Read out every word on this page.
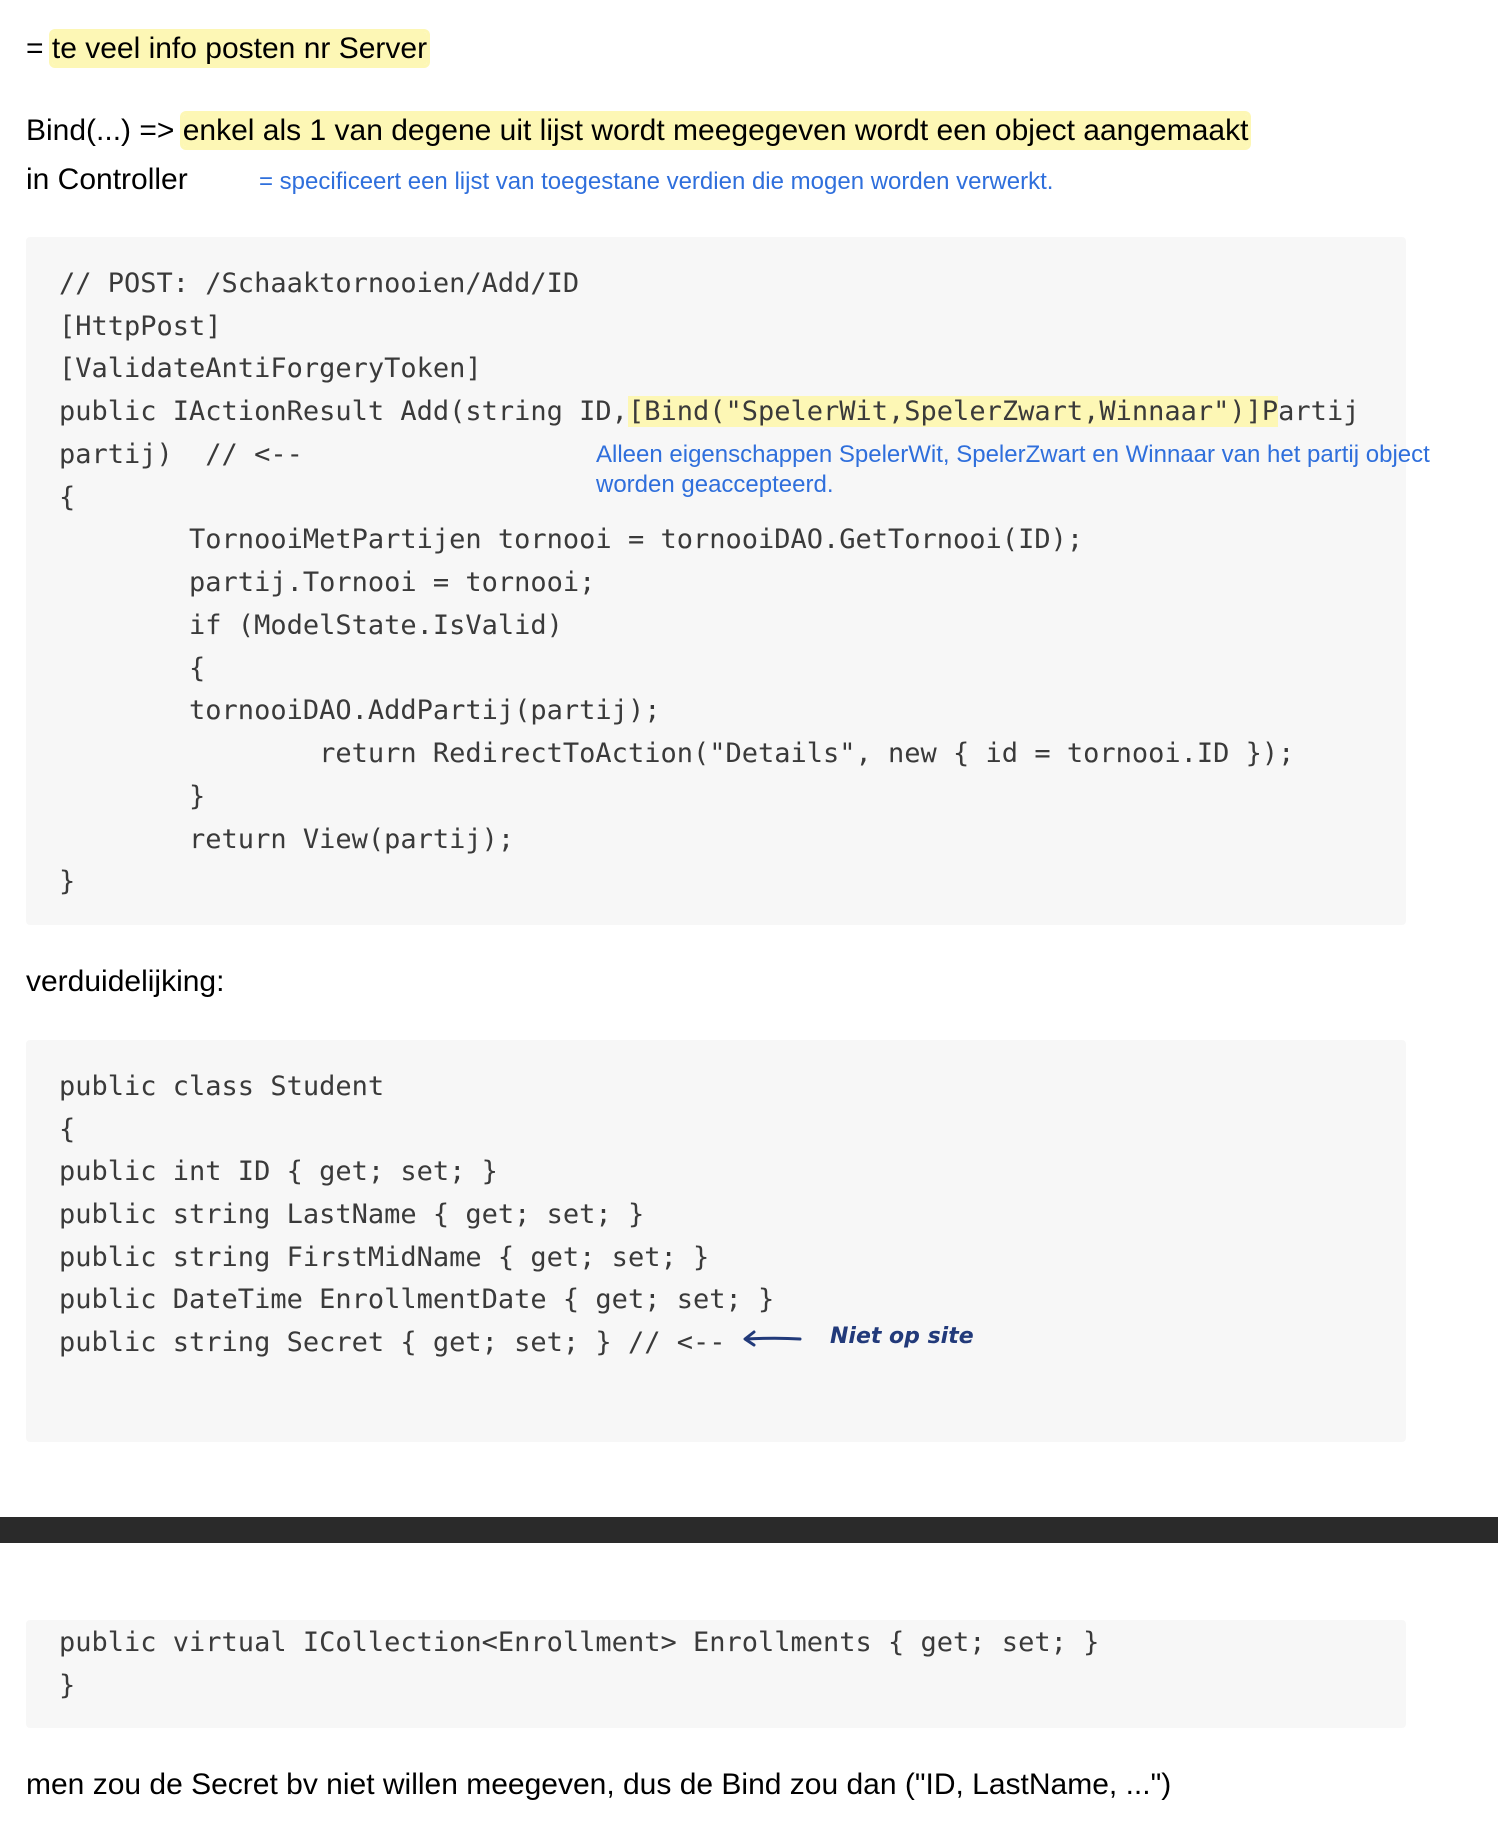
= te veel info posten nr Server
Bind(...) => enkel als 1 van degene uit lijst wordt meegegeven wordt een object aangemaakt
in Controller	= specificeert een lijst van toegestane verdien die mogen worden verwerkt.
// POST: /Schaaktornooien/Add/ID
[HttpPost]
[ValidateAntiForgeryToken]
public IActionResult Add(string ID,[Bind("SpelerWit,SpelerZwart,Winnaar")]Partij
partij)  // <--
{
TornooiMetPartijen tornooi = tornooiDAO.GetTornooi(ID);
partij.Tornooi = tornooi;
if (ModelState.IsValid)
{
tornooiDAO.AddPartij(partij);
return RedirectToAction("Details", new { id = tornooi.ID });
}
return View(partij);
}
Alleen eigenschappen SpelerWit, SpelerZwart en Winnaar van het partij object
worden geaccepteerd.
verduidelijking:
public class Student
{
public int ID { get; set; }
public string LastName { get; set; }
public string FirstMidName { get; set; }
public DateTime EnrollmentDate { get; set; }
public string Secret { get; set; } // <--	Niet op site
public virtual ICollection<Enrollment> Enrollments { get; set; }
}
men zou de Secret bv niet willen meegeven, dus de Bind zou dan ("ID, LastName, ...")
